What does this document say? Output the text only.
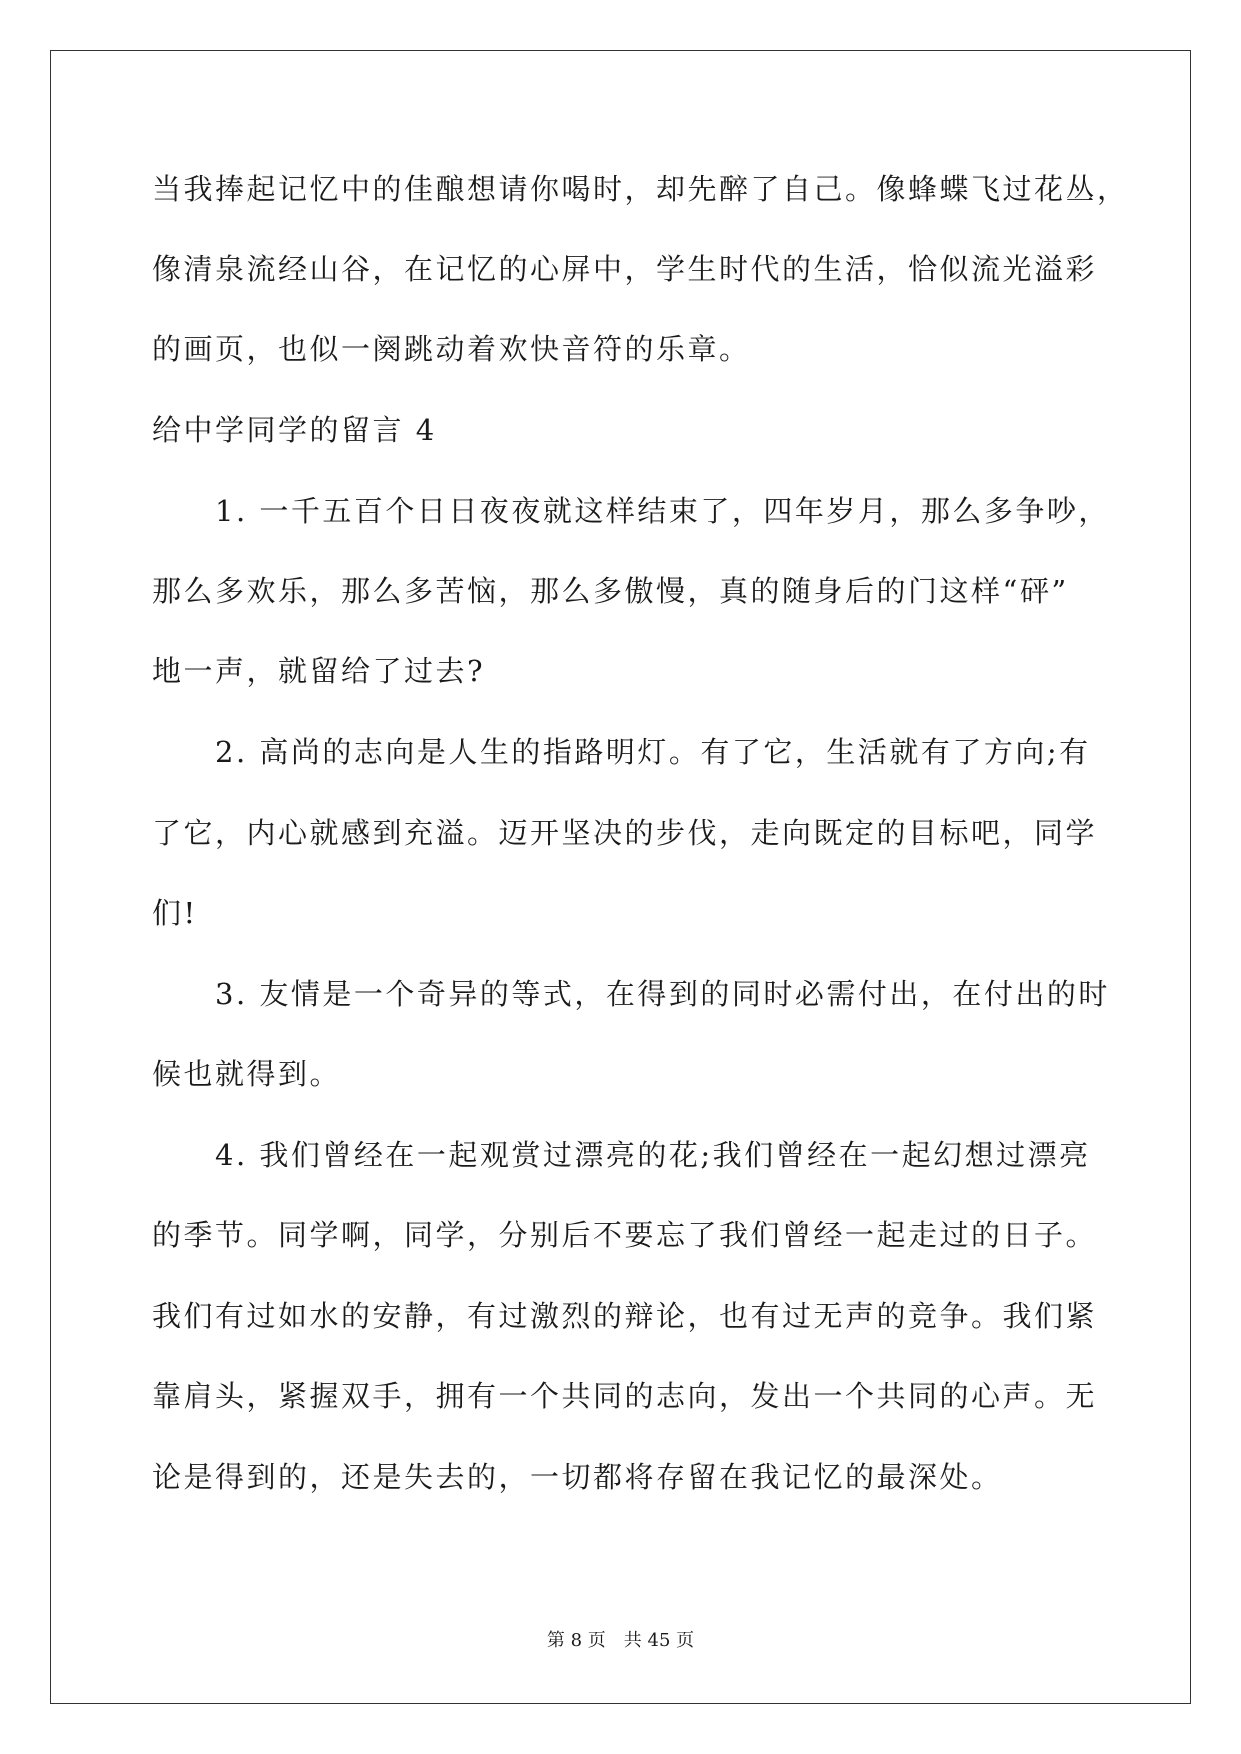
当我捧起记忆中的佳酿想请你喝时，却先醉了自己。像蜂蝶飞过花丛，
像清泉流经山谷，在记忆的心屏中，学生时代的生活，恰似流光溢彩
的画页，也似一阕跳动着欢快音符的乐章。
给中学同学的留言 4
　　1. 一千五百个日日夜夜就这样结束了，四年岁月，那么多争吵，
那么多欢乐，那么多苦恼，那么多傲慢，真的随身后的门这样“砰”
地一声，就留给了过去?
　　2. 高尚的志向是人生的指路明灯。有了它，生活就有了方向;有
了它，内心就感到充溢。迈开坚决的步伐，走向既定的目标吧，同学
们!
　　3. 友情是一个奇异的等式，在得到的同时必需付出，在付出的时
候也就得到。
　　4. 我们曾经在一起观赏过漂亮的花;我们曾经在一起幻想过漂亮
的季节。同学啊，同学，分别后不要忘了我们曾经一起走过的日子。
我们有过如水的安静，有过激烈的辩论，也有过无声的竞争。我们紧
靠肩头，紧握双手，拥有一个共同的志向，发出一个共同的心声。无
论是得到的，还是失去的，一切都将存留在我记忆的最深处。
第 8 页 共 45 页
